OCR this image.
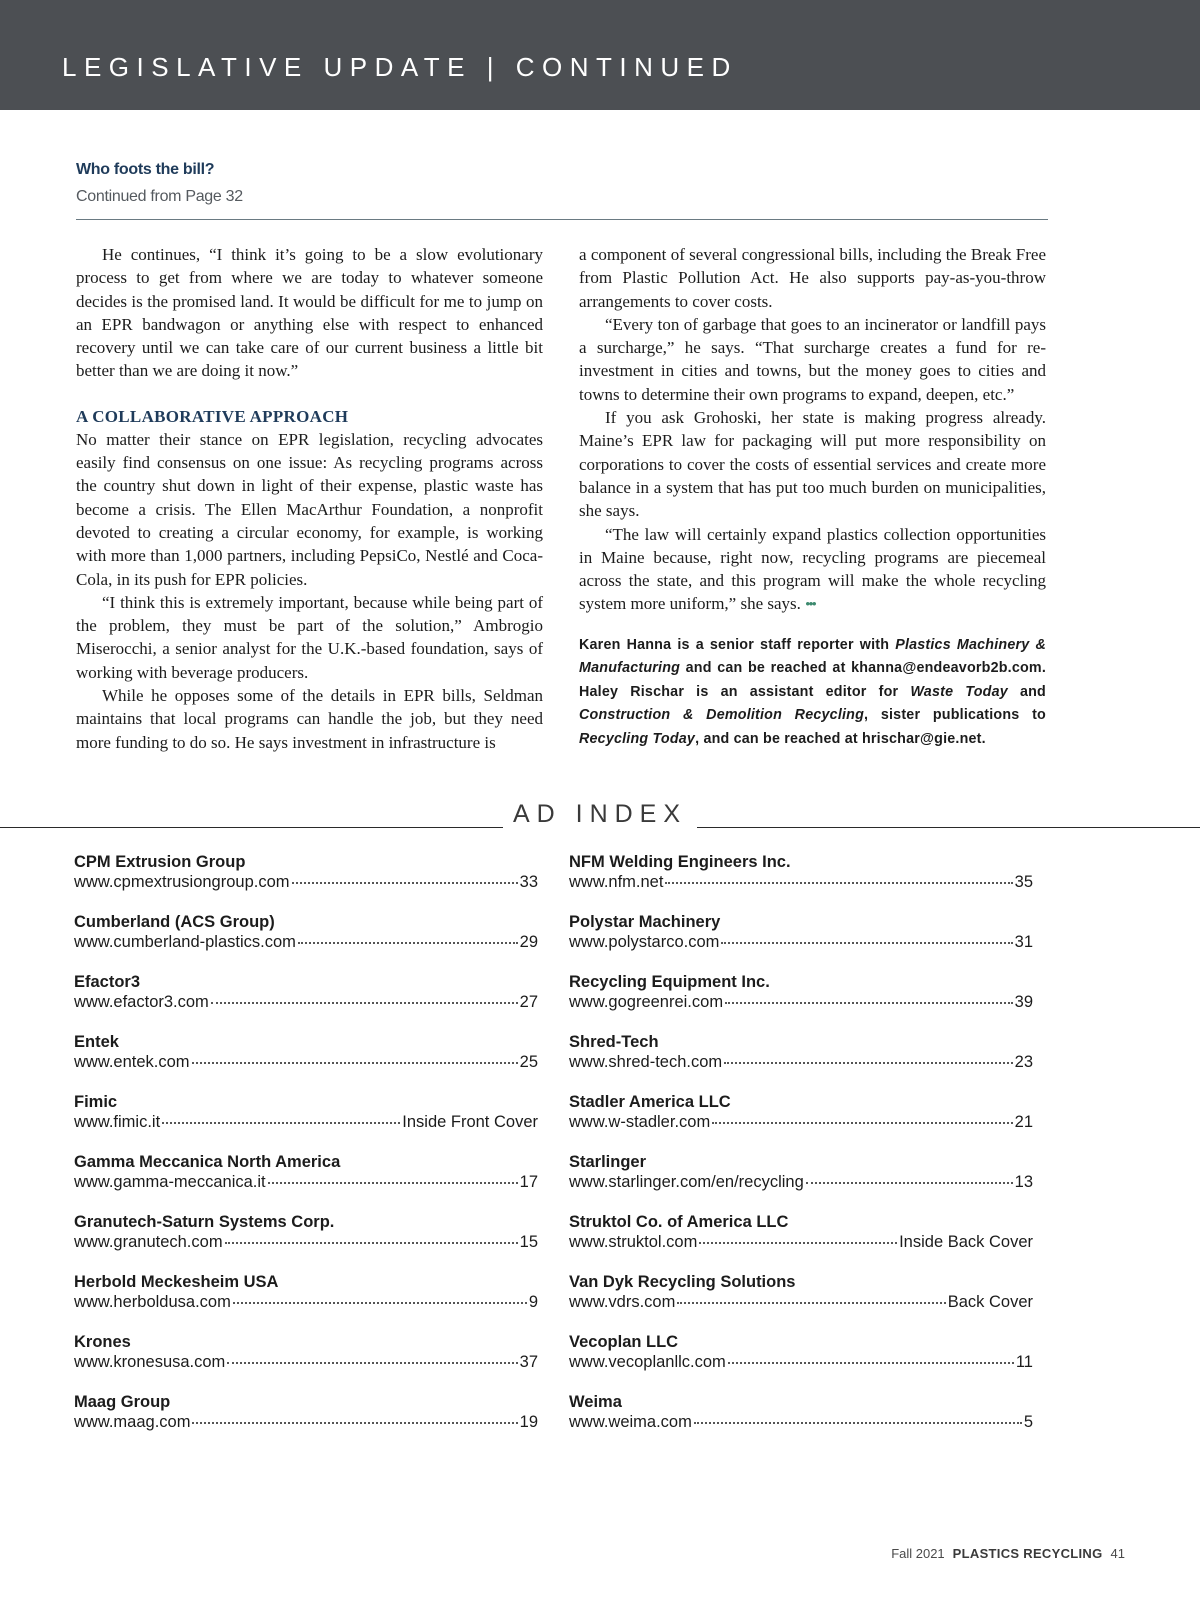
LEGISLATIVE UPDATE | CONTINUED
Who foots the bill?
Continued from Page 32

He continues, “I think it’s going to be a slow evolutionary process to get from where we are today to whatever someone decides is the promised land. It would be difficult for me to jump on an EPR bandwagon or anything else with respect to enhanced recovery until we can take care of our current business a little bit better than we are doing it now.”

A COLLABORATIVE APPROACH

No matter their stance on EPR legislation, recycling advocates easily find consensus on one issue: As recycling programs across the country shut down in light of their expense, plastic waste has become a crisis. The Ellen MacArthur Foundation, a nonprofit devoted to creating a circular economy, for example, is working with more than 1,000 partners, including PepsiCo, Nestlé and Coca-Cola, in its push for EPR policies.

“I think this is extremely important, because while being part of the problem, they must be part of the solution,” Ambrogio Miserocchi, a senior analyst for the U.K.-based foundation, says of working with beverage producers.

While he opposes some of the details in EPR bills, Seldman maintains that local programs can handle the job, but they need more funding to do so. He says investment in infrastructure is

a component of several congressional bills, including the Break Free from Plastic Pollution Act. He also supports pay-as-you-throw arrangements to cover costs.

“Every ton of garbage that goes to an incinerator or landfill pays a surcharge,” he says. “That surcharge creates a fund for re-investment in cities and towns, but the money goes to cities and towns to determine their own programs to expand, deepen, etc.”

If you ask Grohoski, her state is making progress already. Maine’s EPR law for packaging will put more responsibility on corporations to cover the costs of essential services and create more balance in a system that has put too much burden on municipalities, she says.

“The law will certainly expand plastics collection opportunities in Maine because, right now, recycling programs are piecemeal across the state, and this program will make the whole recycling system more uniform,” she says. •••

Karen Hanna is a senior staff reporter with Plastics Machinery & Manufacturing and can be reached at khanna@endeavorb2b.com. Haley Rischar is an assistant editor for Waste Today and Construction & Demolition Recycling, sister publications to Recycling Today, and can be reached at hrischar@gie.net.
AD INDEX
CPM Extrusion Group
www.cpmextrusiongroup.com	33
Cumberland (ACS Group)
www.cumberland-plastics.com	29
Efactor3
www.efactor3.com	27
Entek
www.entek.com	25
Fimic
www.fimic.it	Inside Front Cover
Gamma Meccanica North America
www.gamma-meccanica.it	17
Granutech-Saturn Systems Corp.
www.granutech.com	15
Herbold Meckesheim USA
www.herboldusa.com	9
Krones
www.kronesusa.com	37
Maag Group
www.maag.com	19
NFM Welding Engineers Inc.
www.nfm.net	35
Polystar Machinery
www.polystarco.com	31
Recycling Equipment Inc.
www.gogreenrei.com	39
Shred-Tech
www.shred-tech.com	23
Stadler America LLC
www.w-stadler.com	21
Starlinger
www.starlinger.com/en/recycling	13
Struktol Co. of America LLC
www.struktol.com	Inside Back Cover
Van Dyk Recycling Solutions
www.vdrs.com	Back Cover
Vecoplan LLC
www.vecoplanllc.com	11
Weima
www.weima.com	5
Fall 2021 PLASTICS RECYCLING 41
